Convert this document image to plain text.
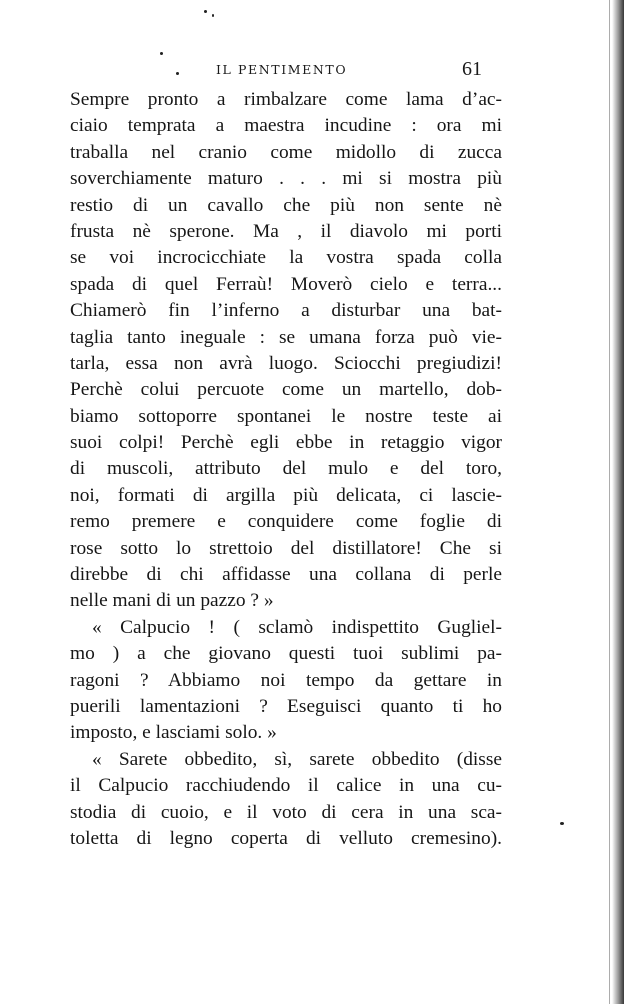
IL PENTIMENTO	61
Sempre pronto a rimbalzare come lama d’ac-
ciaio temprata a maestra incudine : ora mi
traballa nel cranio come midollo di zucca
soverchiamente maturo . . . mi si mostra più
restio di un cavallo che più non sente nè
frusta nè sperone. Ma , il diavolo mi porti
se voi incrocicchiate la vostra spada colla
spada di quel Ferraù! Moverò cielo e terra...
Chiamerò fin l’inferno a disturbar una bat-
taglia tanto ineguale : se umana forza può vie-
tarla, essa non avrà luogo. Sciocchi pregiudizi!
Perchè colui percuote come un martello, dob-
biamo sottoporre spontanei le nostre teste ai
suoi colpi! Perchè egli ebbe in retaggio vigor
di muscoli, attributo del mulo e del toro,
noi, formati di argilla più delicata, ci lascie-
remo premere e conquidere come foglie di
rose sotto lo strettoio del distillatore! Che si
direbbe di chi affidasse una collana di perle
nelle mani di un pazzo ? »
« Calpucio ! ( sclamò indispettito Gugliel-
mo ) a che giovano questi tuoi sublimi pa-
ragoni ? Abbiamo noi tempo da gettare in
puerili lamentazioni ? Eseguisci quanto ti ho
imposto, e lasciami solo. »
« Sarete obbedito, sì, sarete obbedito (disse
il Calpucio racchiudendo il calice in una cu-
stodia di cuoio, e il voto di cera in una sca-
toletta di legno coperta di velluto cremesino).
